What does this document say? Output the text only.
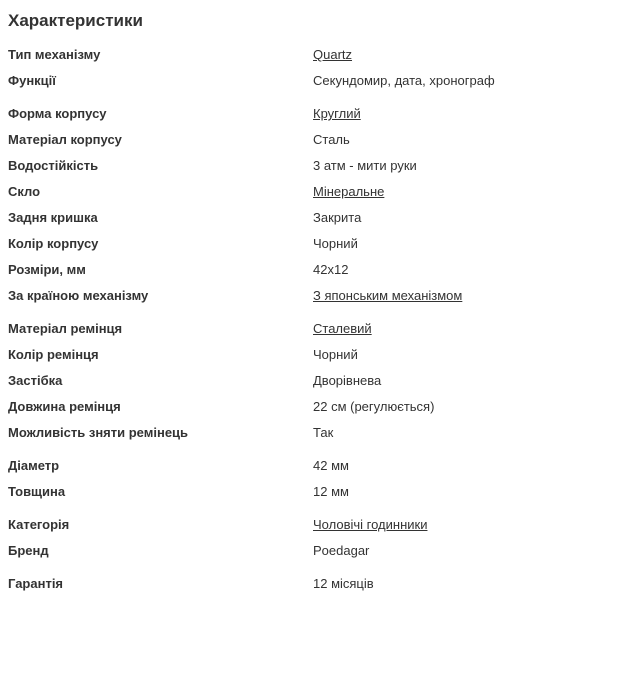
Характеристики
Тип механізму	Quartz
Функції	Секундомир, дата, хронограф
Форма корпусу	Круглий
Матеріал корпусу	Сталь
Водостійкість	3 атм - мити руки
Скло	Мінеральне
Задня кришка	Закрита
Колір корпусу	Чорний
Розміри, мм	42x12
За країною механізму	З японським механізмом
Матеріал ремінця	Сталевий
Колір ремінця	Чорний
Застібка	Дворівнева
Довжина ремінця	22 см (регулюється)
Можливість зняти ремінець	Так
Діаметр	42 мм
Товщина	12 мм
Категорія	Чоловічі годинники
Бренд	Poedagar
Гарантія	12 місяців
